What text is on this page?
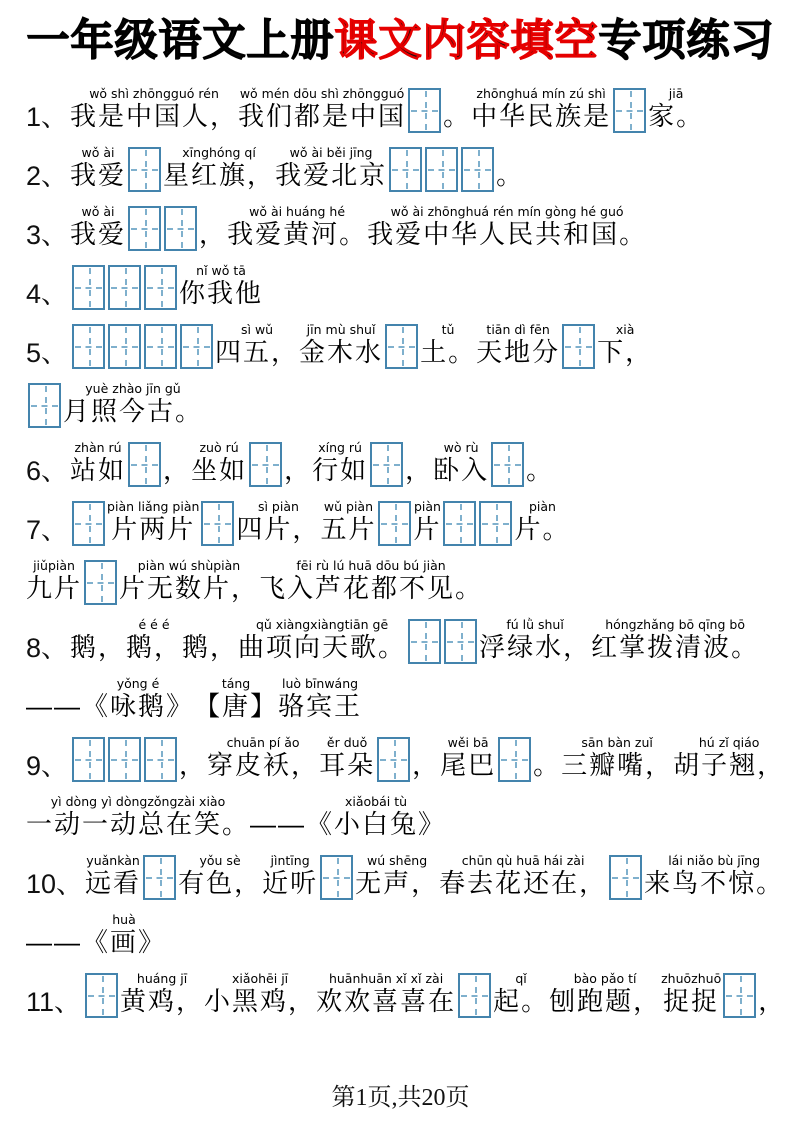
一年级语文上册课文内容填空专项练习
1、
wǒ shì zhōngguó rén
我是中国人，
wǒ mén dōu shì zhōngguó
我们都是中国 。
zhōnghuá mín zú shì
中华民族是
jiā
家。
2、
wǒ ài
我爱
xīnghóng qí
星红旗，
wǒ ài běi jīng
我爱北京	。
3、
wǒ ài
我爱	，
wǒ ài huáng hé
我爱黄河。
wǒ ài zhōnghuá rén mín gòng hé guó
我爱中华人民共和国。
4、
nǐ wǒ tā
你我他
5、
sì wǔ
四五，
jīn mù shuǐ
金木水
tǔ
土。
tiān dì fēn
天地分
xià
下，
yuè zhào jīn gǔ
月照今古。
6、
zhàn rú
站如 ，
zuò rú
坐如 ，
xíng rú
行如 ，
wò rù
卧入 。
7、
piàn liǎng piàn
片两片
sì piàn
四片，
wǔ piàn
五片
piàn
片
piàn
片。
jiǔpiàn
九片
piàn wú shùpiàn
片无数片，
fēi rù lú huā dōu bú jiàn
飞入芦花都不见。
8、
é é é
鹅，鹅，鹅，
qǔ xiàngxiàngtiān gē
曲项向天歌。
fú lǜ shuǐ
浮绿水，
hóngzhǎng bō qīng bō
红掌拨清波。
——
yǒng é
《咏鹅》
táng
【唐】
luò bīnwáng
骆宾王
9、	，
chuān pí ǎo
穿皮袄，
ěr duǒ
耳朵 ，
wěi bā
尾巴 。
sān bàn zuǐ
三瓣嘴，
hú zǐ qiáo
胡子翘，
yì dòng yì dòngzǒngzài xiào
一动一动总在笑。 ——
xiǎobái tù
《小白兔》
10、
yuǎnkàn
远看
yǒu sè
有色，
jìntīng
近听
wú shēng
无声，
chūn qù huā hái zài
春去花还在，
lái niǎo bù jīng
来鸟不惊。
——
huà
《画》
11、
huáng jī
黄鸡，
xiǎohēi jī
小黑鸡，
huānhuān xǐ xǐ zài
欢欢喜喜在
qǐ
起。
bào pǎo tí
刨跑题，
zhuōzhuō
捉捉 ，
第1页,共20页
